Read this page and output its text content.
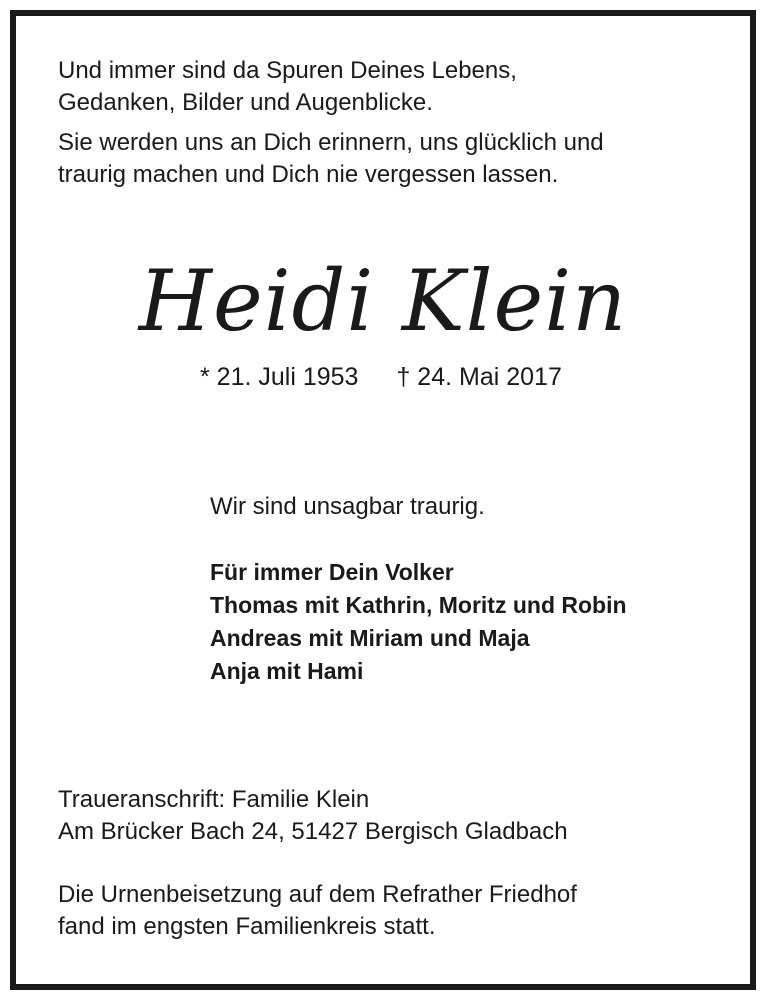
Und immer sind da Spuren Deines Lebens,
Gedanken, Bilder und Augenblicke.
Sie werden uns an Dich erinnern, uns glücklich und
traurig machen und Dich nie vergessen lassen.
Heidi Klein
* 21. Juli 1953 † 24. Mai 2017
Wir sind unsagbar traurig.
Für immer Dein Volker
Thomas mit Kathrin, Moritz und Robin
Andreas mit Miriam und Maja
Anja mit Hami
Traueranschrift: Familie Klein
Am Brücker Bach 24, 51427 Bergisch Gladbach
Die Urnenbeisetzung auf dem Refrather Friedhof
fand im engsten Familienkreis statt.
